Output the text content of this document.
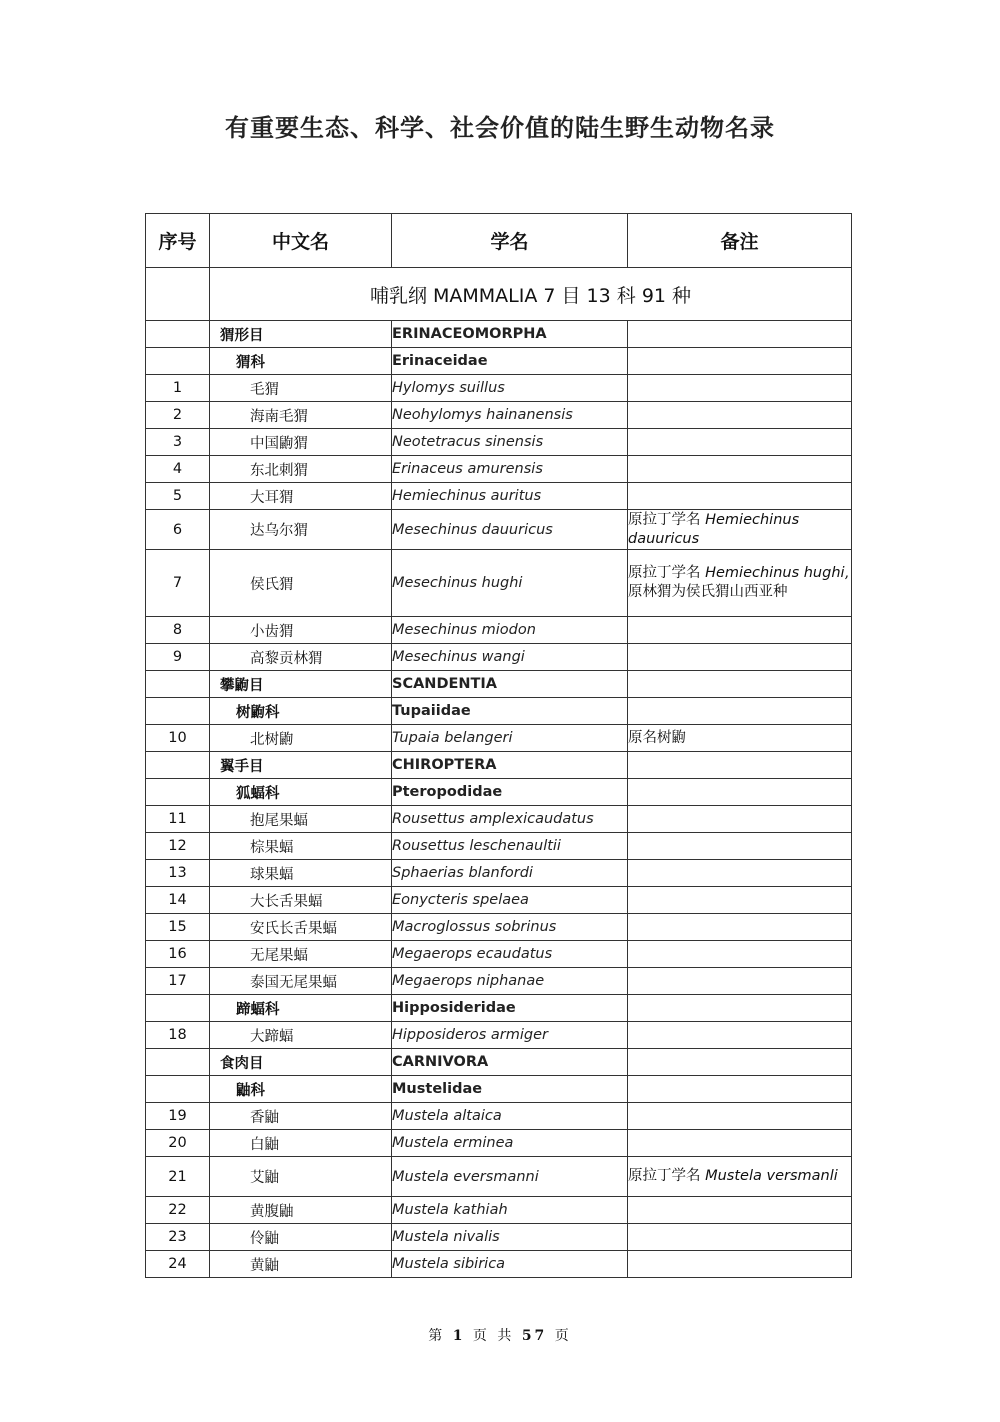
有重要生态、科学、社会价值的陆生野生动物名录
序号	中文名	学名	备注
	哺乳纲 MAMMALIA 7 目 13 科 91 种		
	猬形目	ERINACEOMORPHA	
	猬科	Erinaceidae	
1	毛猬	Hylomys suillus	
2	海南毛猬	Neohylomys hainanensis	
3	中国鼩猬	Neotetracus sinensis	
4	东北刺猬	Erinaceus amurensis	
5	大耳猬	Hemiechinus auritus	
6	达乌尔猬	Mesechinus dauuricus	原拉丁学名 Hemiechinus dauuricus
7	侯氏猬	Mesechinus hughi	原拉丁学名 Hemiechinus hughi, 原林猬为侯氏猬山西亚种
8	小齿猬	Mesechinus miodon	
9	高黎贡林猬	Mesechinus wangi	
	攀鼩目	SCANDENTIA	
	树鼩科	Tupaiidae	
10	北树鼩	Tupaia belangeri	原名树鼩
	翼手目	CHIROPTERA	
	狐蝠科	Pteropodidae	
11	抱尾果蝠	Rousettus amplexicaudatus	
12	棕果蝠	Rousettus leschenaultii	
13	球果蝠	Sphaerias blanfordi	
14	大长舌果蝠	Eonycteris spelaea	
15	安氏长舌果蝠	Macroglossus sobrinus	
16	无尾果蝠	Megaerops ecaudatus	
17	泰国无尾果蝠	Megaerops niphanae	
	蹄蝠科	Hipposideridae	
18	大蹄蝠	Hipposideros armiger	
	食肉目	CARNIVORA	
	鼬科	Mustelidae	
19	香鼬	Mustela altaica	
20	白鼬	Mustela erminea	
21	艾鼬	Mustela eversmanni	原拉丁学名 Mustela versmanli
22	黄腹鼬	Mustela kathiah	
23	伶鼬	Mustela nivalis	
24	黄鼬	Mustela sibirica	
第 1 页 共 57 页
